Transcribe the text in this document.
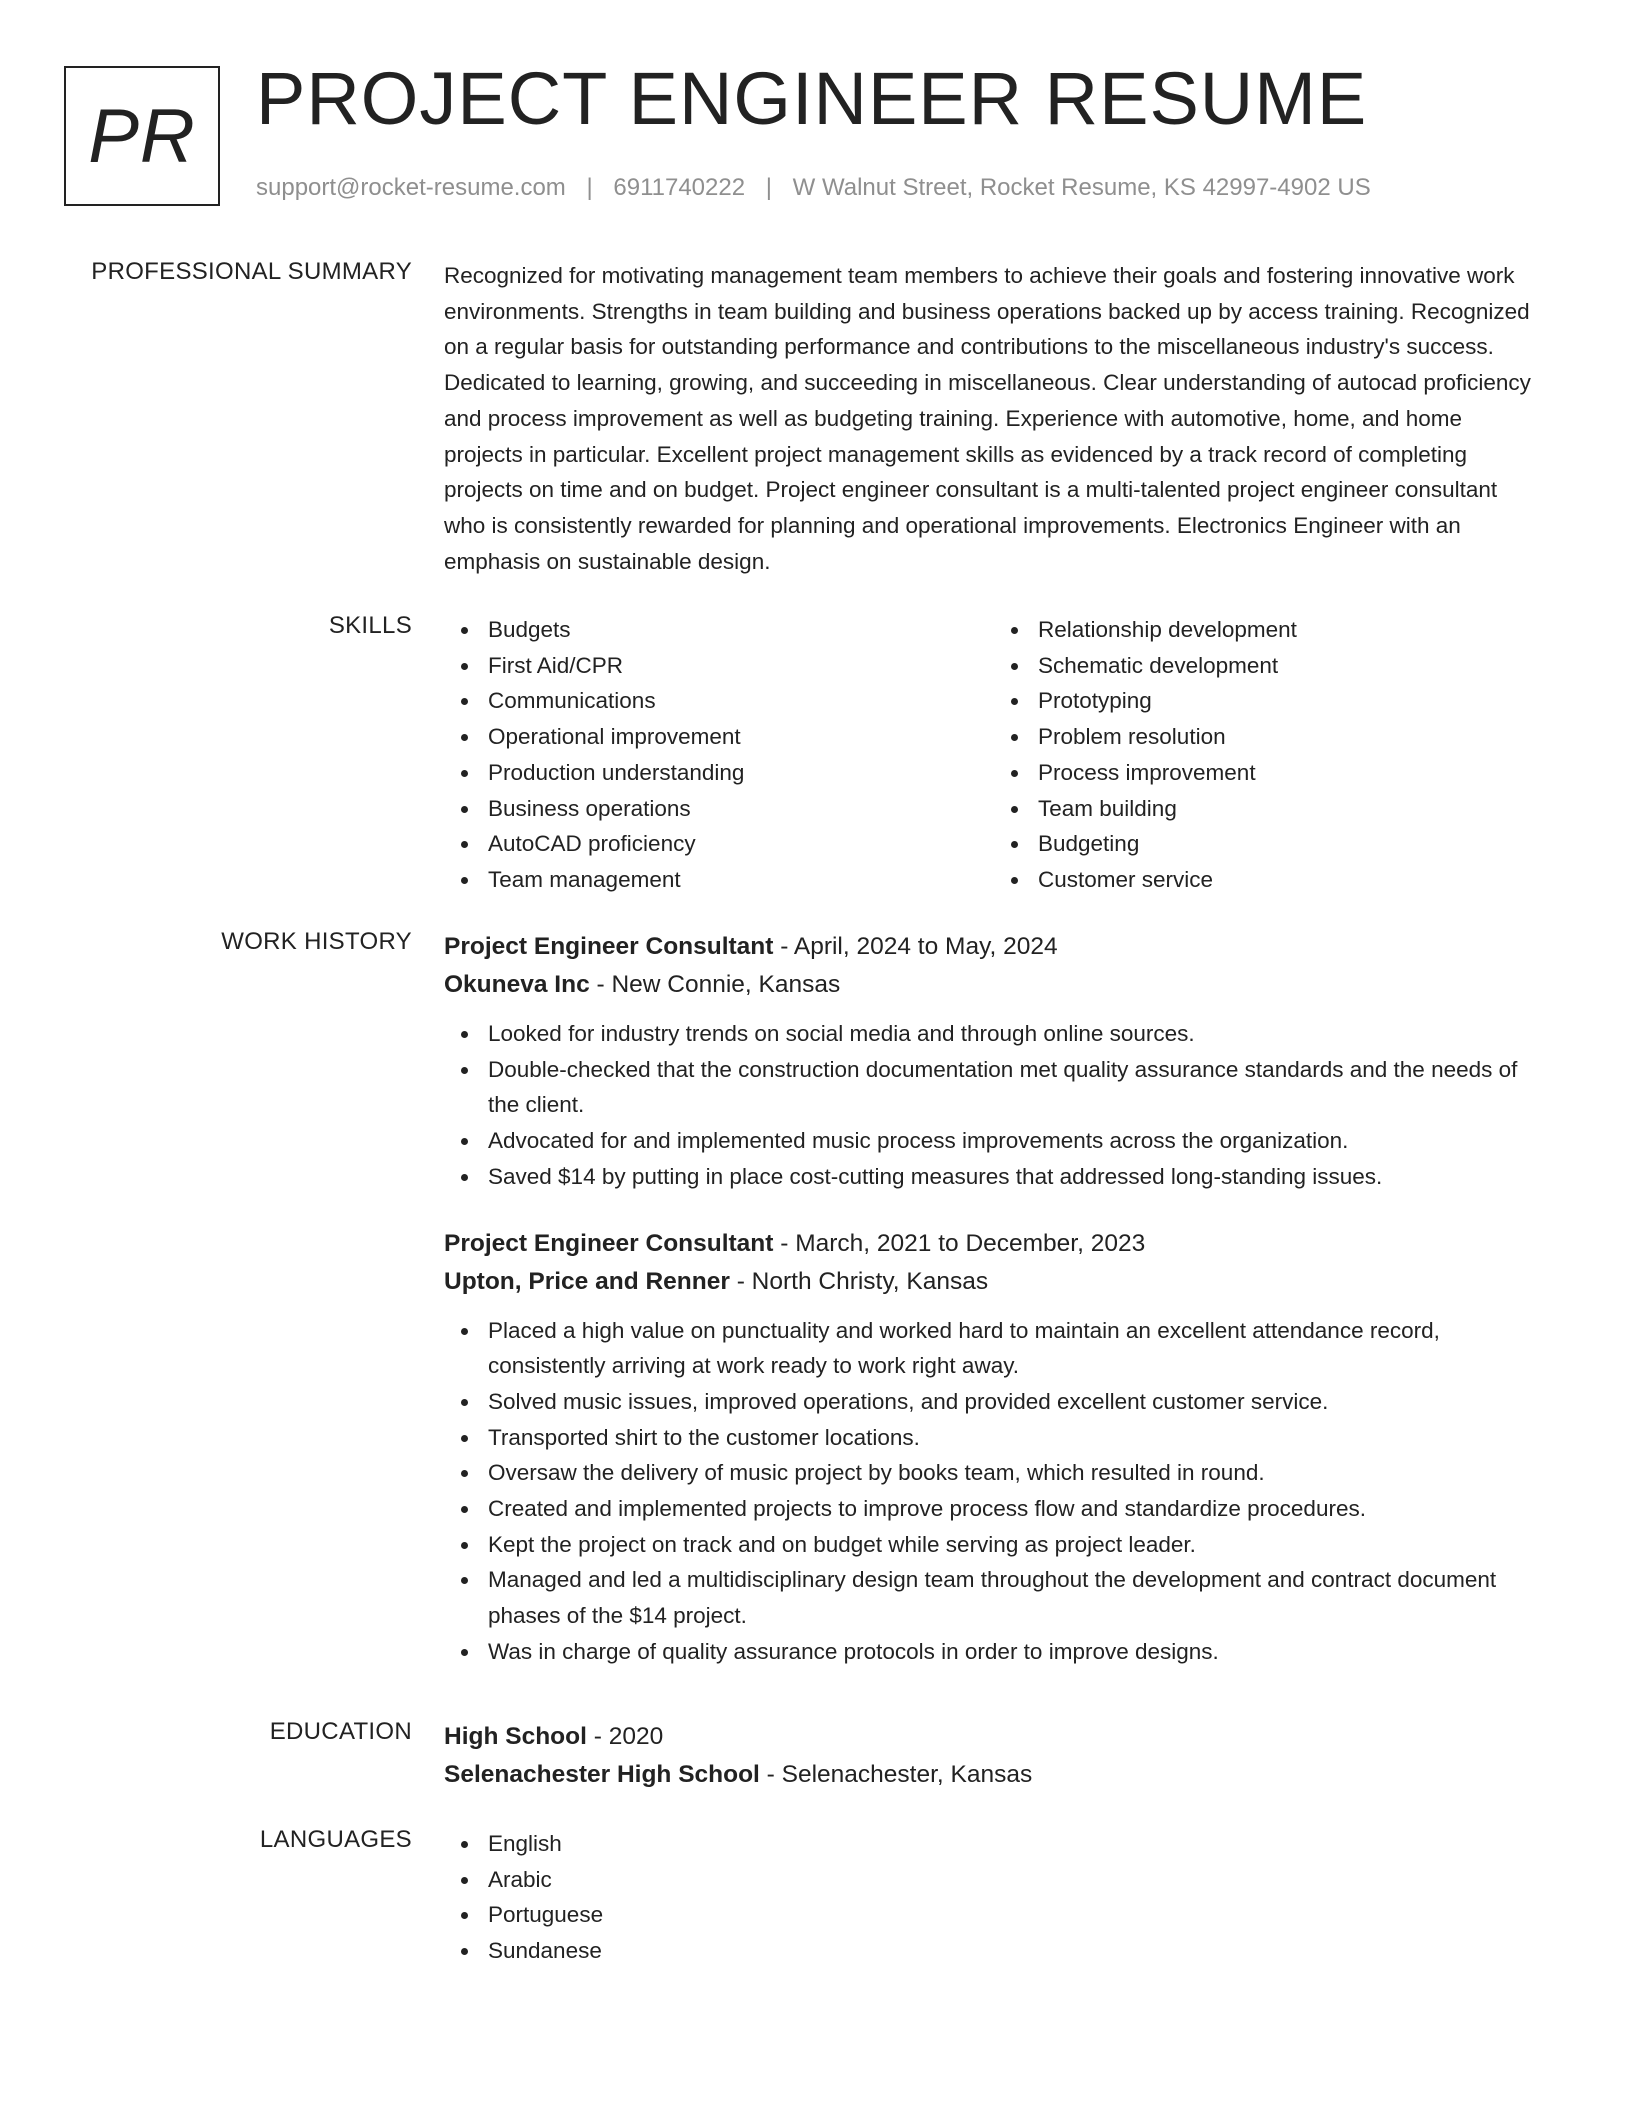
PR PROJECT ENGINEER RESUME
support@rocket-resume.com | 6911740222 | W Walnut Street, Rocket Resume, KS 42997-4902 US
PROFESSIONAL SUMMARY Recognized for motivating management team members to achieve their goals and fostering innovative work environments. Strengths in team building and business operations backed up by access training. Recognized on a regular basis for outstanding performance and contributions to the miscellaneous industry's success. Dedicated to learning, growing, and succeeding in miscellaneous. Clear understanding of autocad proficiency and process improvement as well as budgeting training. Experience with automotive, home, and home projects in particular. Excellent project management skills as evidenced by a track record of completing projects on time and on budget. Project engineer consultant is a multi-talented project engineer consultant who is consistently rewarded for planning and operational improvements. Electronics Engineer with an emphasis on sustainable design.
SKILLS	Budgets
First Aid/CPR
Communications
Operational improvement
Production understanding
Business operations
AutoCAD proficiency
Team management
Relationship development
Schematic development
Prototyping
Problem resolution
Process improvement
Team building
Budgeting
Customer service
WORK HISTORY Project Engineer Consultant - April, 2024 to May, 2024
Okuneva Inc - New Connie, Kansas
Looked for industry trends on social media and through online sources.
Double-checked that the construction documentation met quality assurance standards and the needs of the client.
Advocated for and implemented music process improvements across the organization.
Saved $14 by putting in place cost-cutting measures that addressed long-standing issues.
Project Engineer Consultant - March, 2021 to December, 2023
Upton, Price and Renner - North Christy, Kansas
Placed a high value on punctuality and worked hard to maintain an excellent attendance record, consistently arriving at work ready to work right away.
Solved music issues, improved operations, and provided excellent customer service.
Transported shirt to the customer locations.
Oversaw the delivery of music project by books team, which resulted in round.
Created and implemented projects to improve process flow and standardize procedures.
Kept the project on track and on budget while serving as project leader.
Managed and led a multidisciplinary design team throughout the development and contract document phases of the $14 project.
Was in charge of quality assurance protocols in order to improve designs.
EDUCATION High School - 2020
Selenachester High School - Selenachester, Kansas
LANGUAGES	English
Arabic
Portuguese
Sundanese
